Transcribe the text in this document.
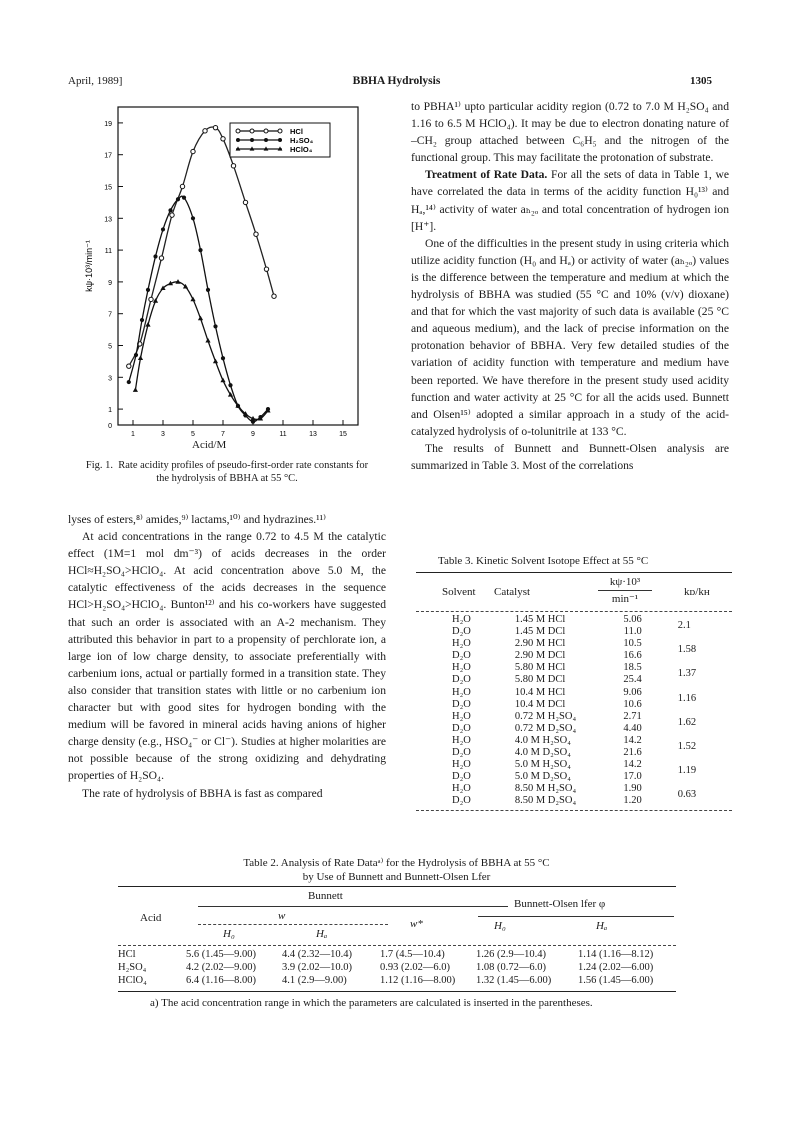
April, 1989]	BBHA Hydrolysis	1305
1
3
5
7
9
11
13
15
17
19
0
1	3	5	7	9	11	13	15
kψ·10³/min⁻¹
HCl
H₂SO₄
HClO₄
Acid/M
Fig. 1. Rate acidity profiles of pseudo-first-order rate constants for the hydrolysis of BBHA at 55 °C.

lyses of esters,⁸⁾ amides,⁹⁾ lactams,¹⁰⁾ and hydrazines.¹¹⁾

At acid concentrations in the range 0.72 to 4.5 M the catalytic effect (1M=1 mol dm⁻³) of acids decreases in the order HCl≈H₂SO₄>HClO₄. At acid concentration above 5.0 M, the catalytic effectiveness of the acids decreases in the sequence HCl>H₂SO₄>HClO₄. Bunton¹²⁾ and his co-workers have suggested that such an order is associated with an A-2 mechanism. They attributed this behavior in part to a propensity of perchlorate ion, a large ion of low charge density, to associate preferentially with carbenium ions, actual or partially formed in a transition state. They also consider that transition states with little or no carbenium ion character but with good sites for hydrogen bonding with the medium will be favored in mineral acids having anions of higher charge density (e.g., HSO₄⁻ or Cl⁻). Studies at higher molarities are not possible because of the strong oxidizing and dehydrating properties of H₂SO₄.

The rate of hydrolysis of BBHA is fast as compared

to PBHA¹⁾ upto particular acidity region (0.72 to 7.0 M H₂SO₄ and 1.16 to 6.5 M HClO₄). It may be due to electron donating nature of –CH₂ group attached between C₆H₅ and the nitrogen of the functional group. This may facilitate the protonation of substrate.

Treatment of Rate Data. For all the sets of data in Table 1, we have correlated the data in terms of the acidity function H₀¹³⁾ and Hₐ,¹⁴⁾ activity of water aₕ₂ₒ and total concentration of hydrogen ion [H⁺].

One of the difficulties in the present study in using criteria which utilize acidity function (H₀ and Hₐ) or activity of water (aₕ₂ₒ) values is the difference between the temperature and medium at which the hydrolysis of BBHA was studied (55 °C and 10% (v/v) dioxane) and that for which the vast majority of such data is available (25 °C and aqueous medium), and the lack of precise information on the protonation behavior of BBHA. Very few detailed studies of the variation of acidity function with temperature and medium have been reported. We have therefore in the present study used acidity function and water activity at 25 °C for all the acids used. Bunnett and Olsen¹⁵⁾ adopted a similar approach in a study of the acid-catalyzed hydrolysis of o-tolunitrile at 133 °C.

The results of Bunnett and Bunnett-Olsen analysis are summarized in Table 3. Most of the correlations

Table 3. Kinetic Solvent Isotope Effect at 55 °C
Solvent Catalyst
kψ·10³
min⁻¹
kᴅ/kʜ
H₂O	1.45 M HCl	5.06	2.1
D₂O	1.45 M DCl	11.0	
H₂O	2.90 M HCl	10.5	1.58
D₂O	2.90 M DCl	16.6	
H₂O	5.80 M HCl	18.5	1.37
D₂O	5.80 M DCl	25.4	
H₂O	10.4 M HCl	9.06	1.16
D₂O	10.4 M DCl	10.6	
H₂O	0.72 M H₂SO₄	2.71	1.62
D₂O	0.72 M D₂SO₄	4.40	
H₂O	4.0 M H₂SO₄	14.2	1.52
D₂O	4.0 M D₂SO₄	21.6	
H₂O	5.0 M H₂SO₄	14.2	1.19
D₂O	5.0 M D₂SO₄	17.0	
H₂O	8.50 M H₂SO₄	1.90	0.63
D₂O	8.50 M D₂SO₄	1.20	
Table 2. Analysis of Rate Dataᵃ⁾ for the Hydrolysis of BBHA at 55 °C
by Use of Bunnett and Bunnett-Olsen Lfer
Bunnett
Acid	w
H₀	Hₐ
w*
Bunnett-Olsen lfer φ
H₀	Hₐ
HCl	5.6 (1.45—9.00)	4.4 (2.32—10.4)	1.7 (4.5—10.4)	1.26 (2.9—10.4)	1.14 (1.16—8.12)
H₂SO₄	4.2 (2.02—9.00)	3.9 (2.02—10.0)	0.93 (2.02—6.0)	1.08 (0.72—6.0)	1.24 (2.02—6.00)
HClO₄	6.4 (1.16—8.00)	4.1 (2.9—9.00)	1.12 (1.16—8.00)	1.32 (1.45—6.00)	1.56 (1.45—6.00)
a) The acid concentration range in which the parameters are calculated is inserted in the parentheses.
